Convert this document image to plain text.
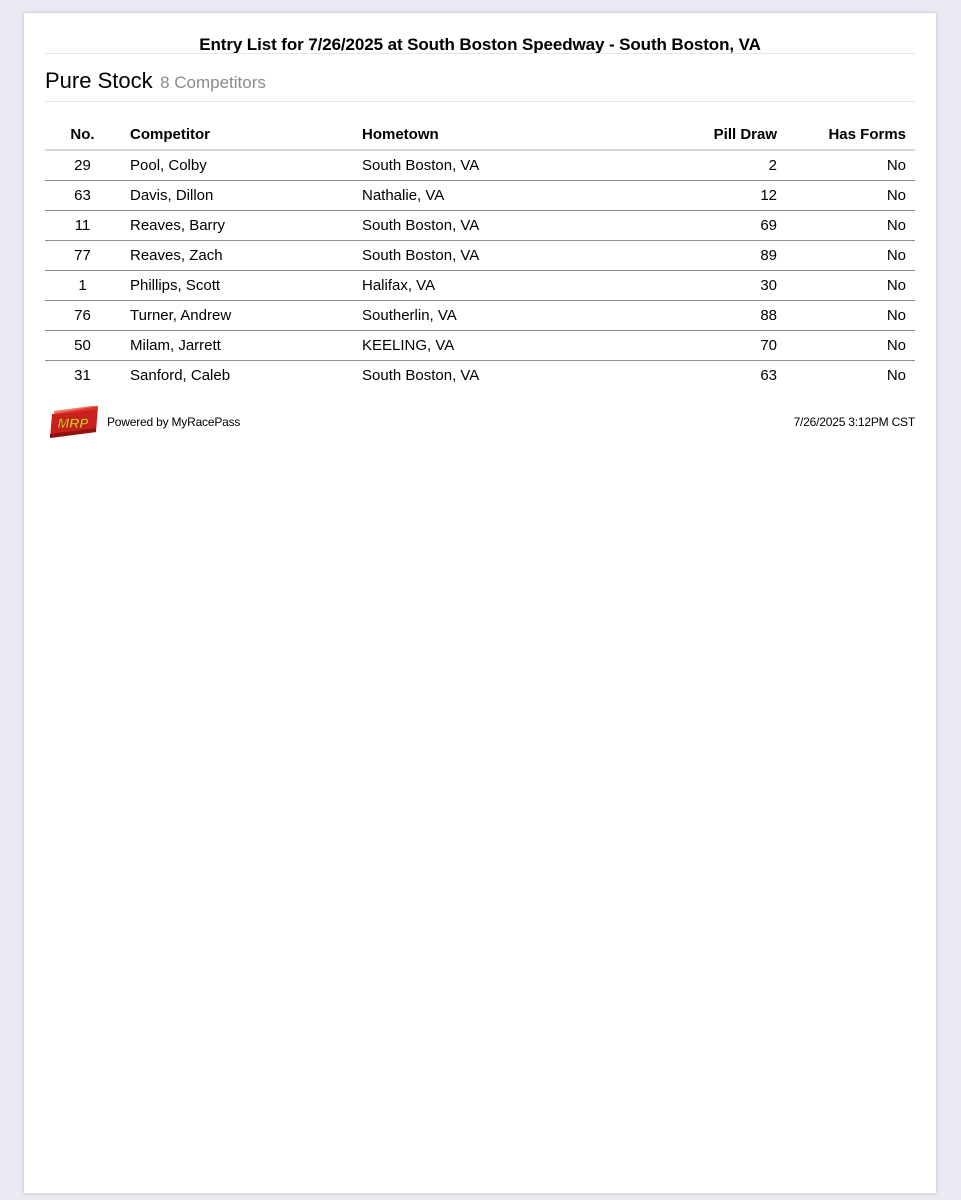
Entry List for 7/26/2025 at South Boston Speedway - South Boston, VA
Pure Stock 8 Competitors
No.	Competitor	Hometown	Pill Draw	Has Forms
29	Pool, Colby	South Boston, VA	2	No
63	Davis, Dillon	Nathalie, VA	12	No
11	Reaves, Barry	South Boston, VA	69	No
77	Reaves, Zach	South Boston, VA	89	No
1	Phillips, Scott	Halifax, VA	30	No
76	Turner, Andrew	Southerlin, VA	88	No
50	Milam, Jarrett	KEELING, VA	70	No
31	Sanford, Caleb	South Boston, VA	63	No
MRP Powered by MyRacePass	7/26/2025 3:12PM CST
